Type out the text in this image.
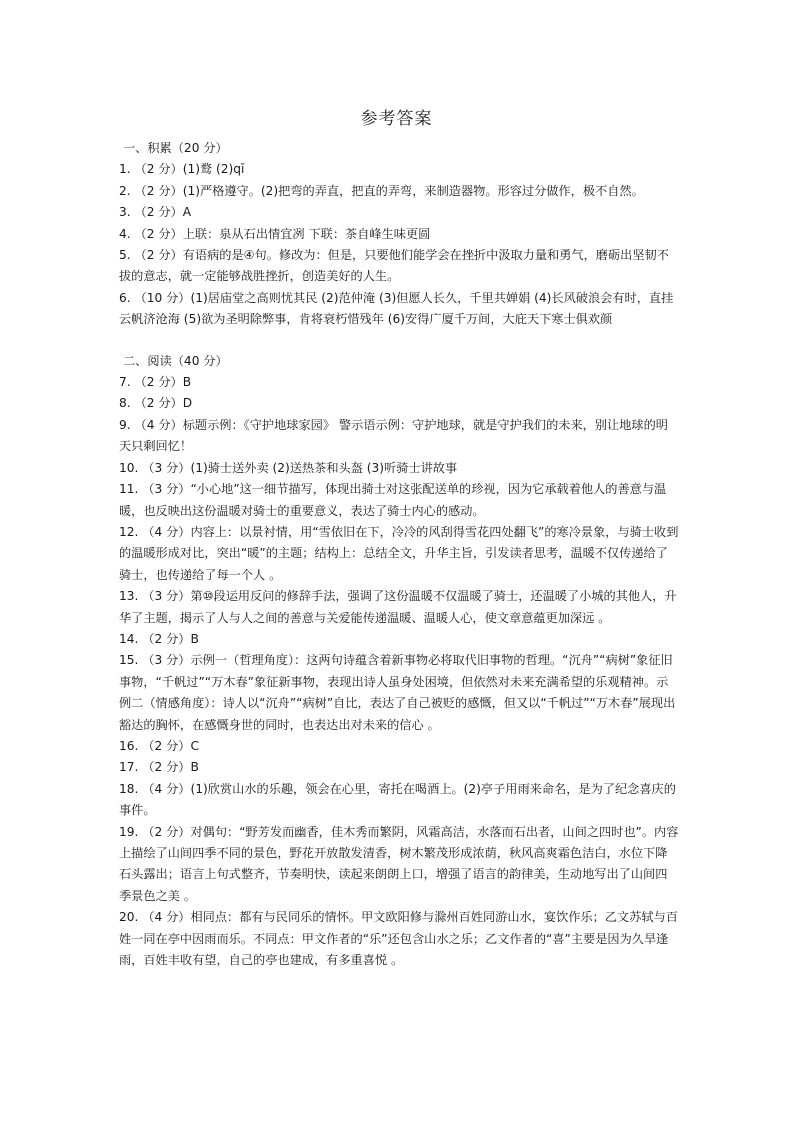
参考答案
一、积累（20 分）

1. （2 分）(1)鹜 (2)qī

2. （2 分）(1)严格遵守。(2)把弯的弄直，把直的弄弯，来制造器物。形容过分做作，极不自然。

3. （2 分）A

4. （2 分）上联：泉从石出情宜冽 下联：茶自峰生味更圆

5. （2 分）有语病的是④句。修改为：但是，只要他们能学会在挫折中汲取力量和勇气，磨砺出坚韧不拔的意志，就一定能够战胜挫折，创造美好的人生。

6. （10 分）(1)居庙堂之高则忧其民 (2)范仲淹 (3)但愿人长久，千里共婵娟 (4)长风破浪会有时，直挂云帆济沧海 (5)欲为圣明除弊事，肯将衰朽惜残年 (6)安得广厦千万间，大庇天下寒士俱欢颜

二、阅读（40 分）

7. （2 分）B

8. （2 分）D

9. （4 分）标题示例：《守护地球家园》 警示语示例：守护地球，就是守护我们的未来，别让地球的明天只剩回忆！

10. （3 分）(1)骑士送外卖 (2)送热茶和头盔 (3)听骑士讲故事

11. （3 分）“小心地”这一细节描写，体现出骑士对这张配送单的珍视，因为它承载着他人的善意与温暖，也反映出这份温暖对骑士的重要意义，表达了骑士内心的感动。

12. （4 分）内容上：以景衬情，用“雪依旧在下，冷冷的风刮得雪花四处翻飞”的寒冷景象，与骑士收到的温暖形成对比，突出“暖”的主题；结构上：总结全文，升华主旨，引发读者思考，温暖不仅传递给了骑士，也传递给了每一个人 。

13. （3 分）第⑩段运用反问的修辞手法，强调了这份温暖不仅温暖了骑士，还温暖了小城的其他人，升华了主题，揭示了人与人之间的善意与关爱能传递温暖、温暖人心，使文章意蕴更加深远 。

14. （2 分）B

15. （3 分）示例一（哲理角度）：这两句诗蕴含着新事物必将取代旧事物的哲理。“沉舟”“病树”象征旧事物，“千帆过”“万木春”象征新事物，表现出诗人虽身处困境，但依然对未来充满希望的乐观精神。示例二（情感角度）：诗人以“沉舟”“病树”自比，表达了自己被贬的感慨，但又以“千帆过”“万木春”展现出豁达的胸怀，在感慨身世的同时，也表达出对未来的信心 。

16. （2 分）C

17. （2 分）B

18. （4 分）(1)欣赏山水的乐趣，领会在心里，寄托在喝酒上。(2)亭子用雨来命名，是为了纪念喜庆的事件。

19. （2 分）对偶句：“野芳发而幽香，佳木秀而繁阴，风霜高洁，水落而石出者，山间之四时也”。内容上描绘了山间四季不同的景色，野花开放散发清香，树木繁茂形成浓荫，秋风高爽霜色洁白，水位下降石头露出；语言上句式整齐，节奏明快，读起来朗朗上口，增强了语言的韵律美，生动地写出了山间四季景色之美 。

20. （4 分）相同点：都有与民同乐的情怀。甲文欧阳修与滁州百姓同游山水，宴饮作乐；乙文苏轼与百姓一同在亭中因雨而乐。不同点：甲文作者的“乐”还包含山水之乐；乙文作者的“喜”主要是因为久旱逢雨，百姓丰收有望，自己的亭也建成，有多重喜悦 。
